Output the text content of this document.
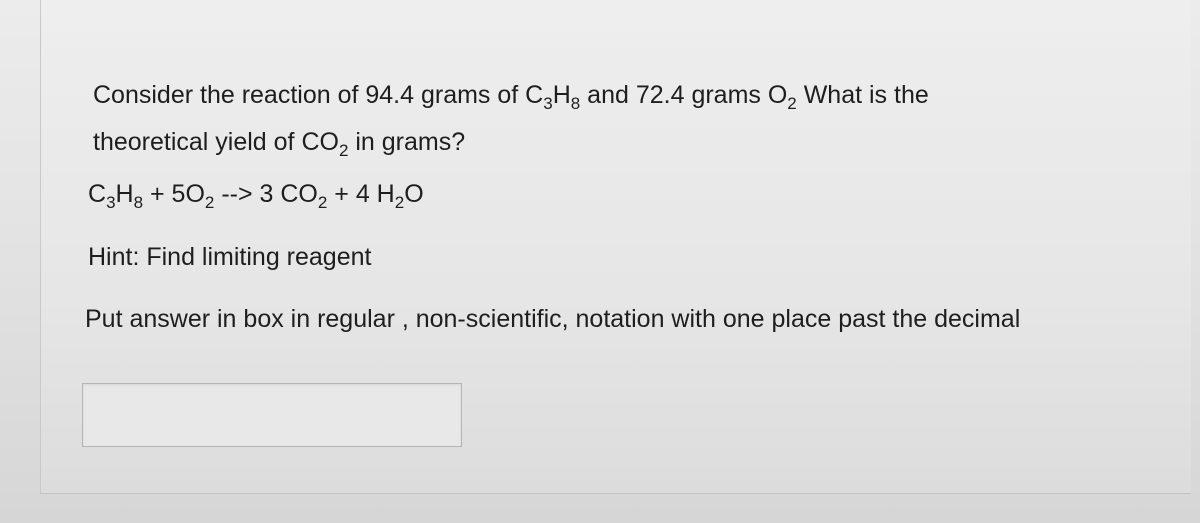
Consider the reaction of 94.4 grams of $C_3H_8$ and 72.4 grams $O_2$ What is the
theoretical yield of $CO_2$ in grams?
$C_3H_8 + 5O_2$ --> 3 $CO_2 + 4$ $H_2O$
Hint: Find limiting reagent
Put answer in box in regular , non-scientific, notation with one place past the decimal
